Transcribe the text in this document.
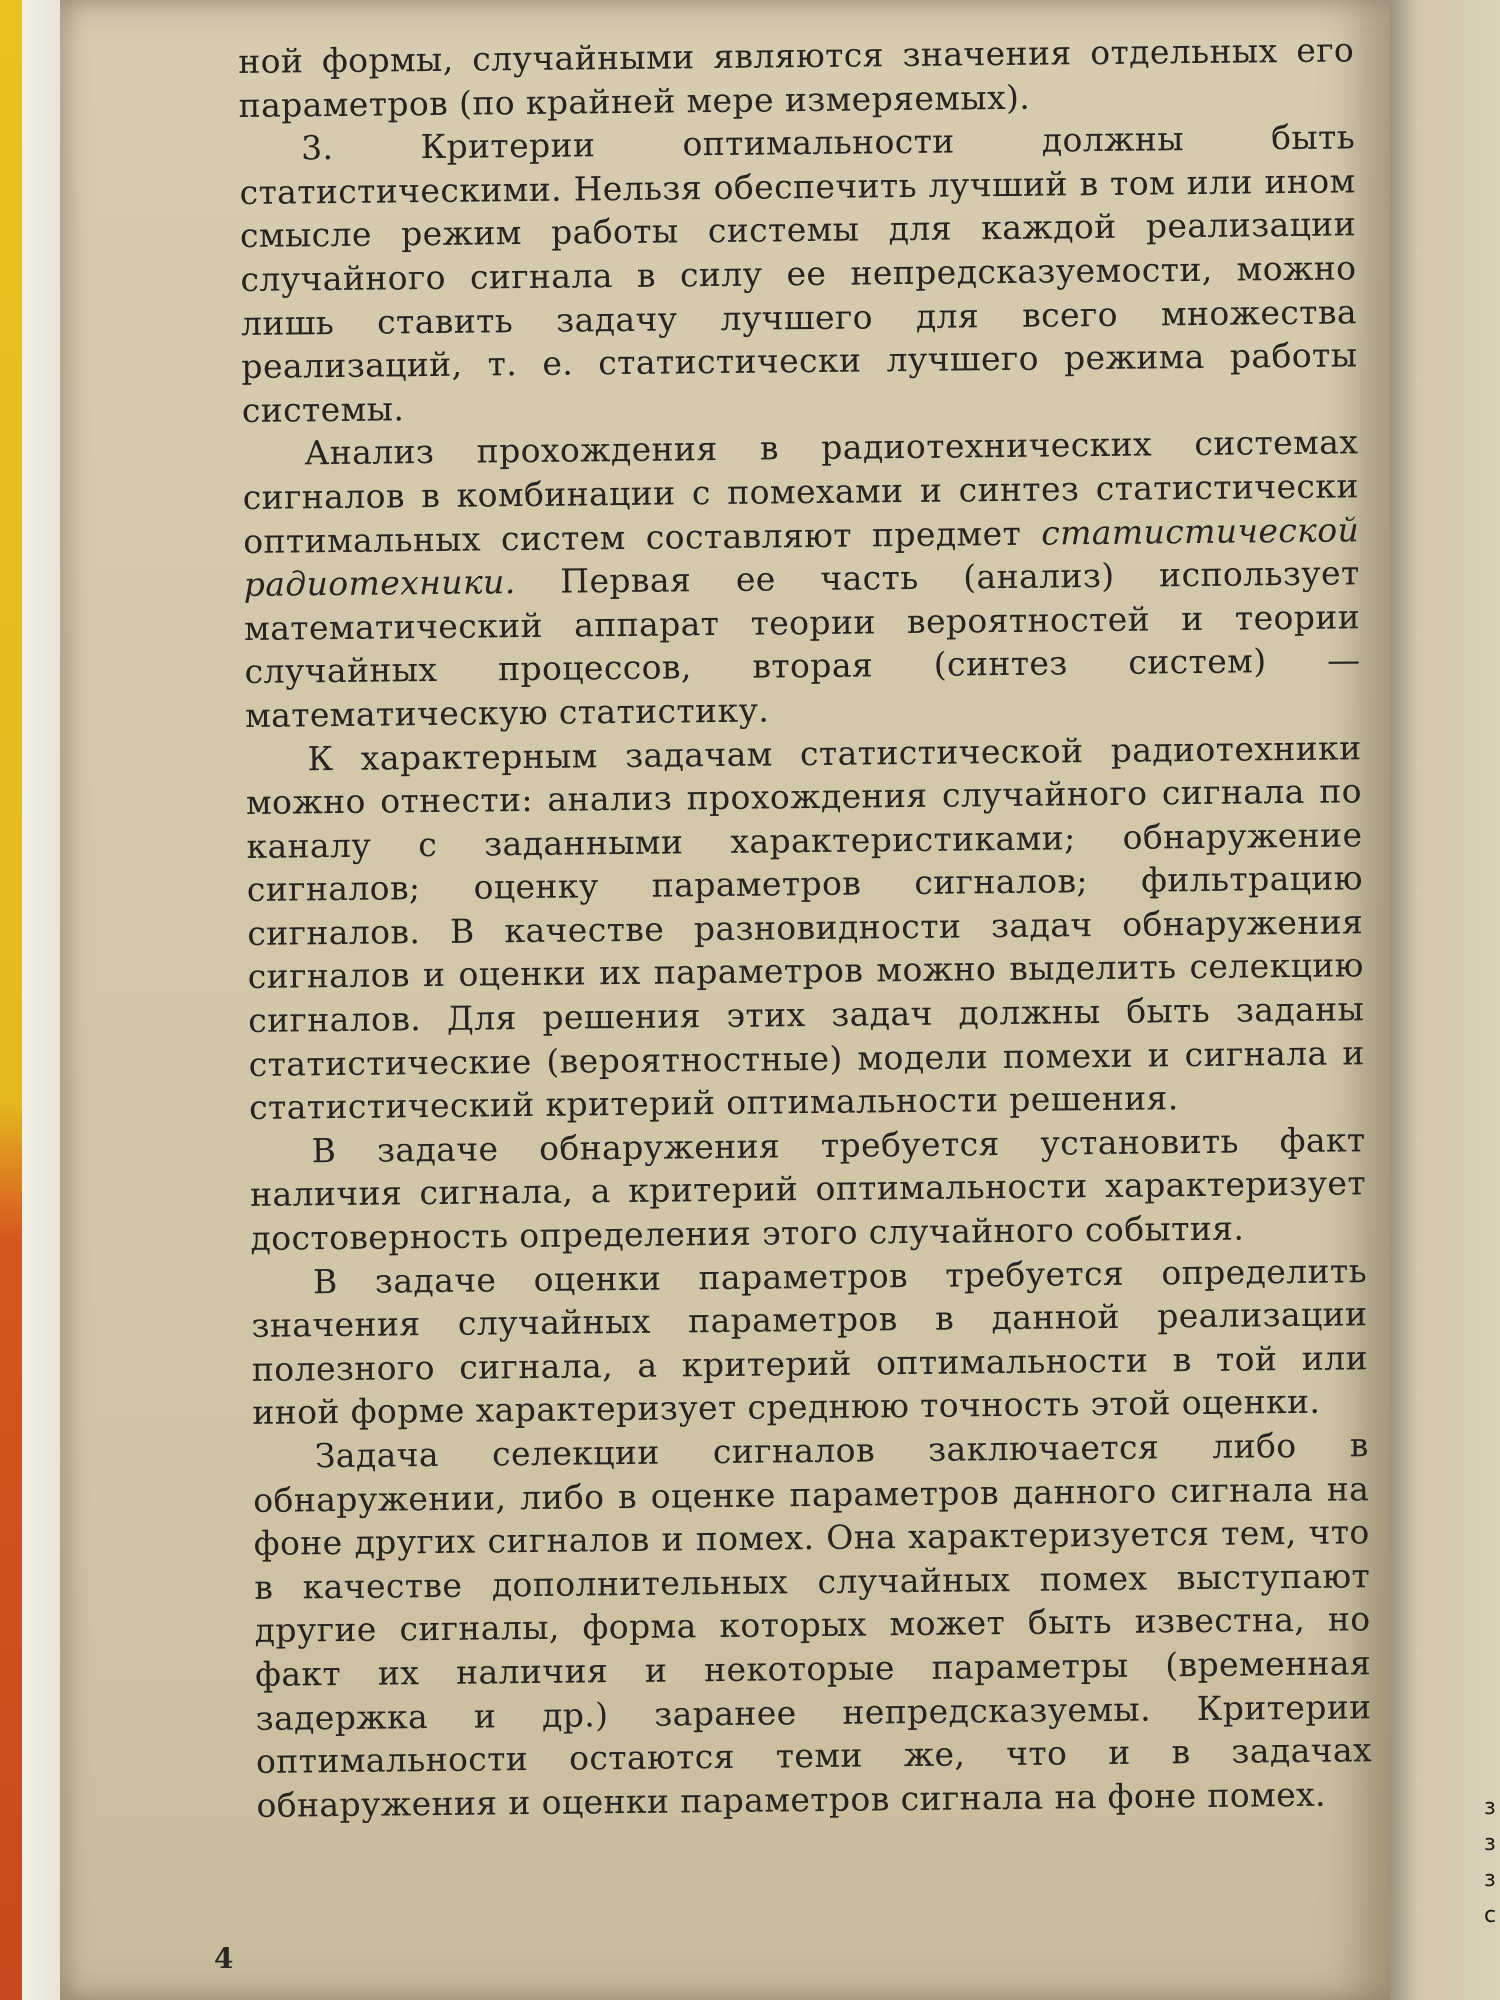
з
з
з
с

ной формы, случайными являются значения отдельных его параметров (по крайней мере измеряемых).

3. Критерии оптимальности должны быть статистическими. Нельзя обеспечить лучший в том или ином смысле режим работы системы для каждой реализации случайного сигнала в силу ее непредсказуемости, можно лишь ставить задачу лучшего для всего множества реализаций, т. е. статистически лучшего режима работы системы.

Анализ прохождения в радиотехнических системах сигналов в комбинации с помехами и синтез статистически оптимальных систем составляют предмет статистической радиотехники. Первая ее часть (анализ) использует математический аппарат теории вероятностей и теории случайных процессов, вторая (синтез систем) — математическую статистику.

К характерным задачам статистической радиотехники можно отнести: анализ прохождения случайного сигнала по каналу с заданными характеристиками; обнаружение сигналов; оценку параметров сигналов; фильтрацию сигналов. В качестве разновидности задач обнаружения сигналов и оценки их параметров можно выделить селекцию сигналов. Для решения этих задач должны быть заданы статистические (вероятностные) модели помехи и сигнала и статистический критерий оптимальности решения.

В задаче обнаружения требуется установить факт наличия сигнала, а критерий оптимальности характеризует достоверность определения этого случайного события.

В задаче оценки параметров требуется определить значения случайных параметров в данной реализации полезного сигнала, а критерий оптимальности в той или иной форме характеризует среднюю точность этой оценки.

Задача селекции сигналов заключается либо в обнаружении, либо в оценке параметров данного сигнала на фоне других сигналов и помех. Она характеризуется тем, что в качестве дополнительных случайных помех выступают другие сигналы, форма которых может быть известна, но факт их наличия и некоторые параметры (временная задержка и др.) заранее непредсказуемы. Критерии оптимальности остаются теми же, что и в задачах обнаружения и оценки параметров сигнала на фоне помех.

4
